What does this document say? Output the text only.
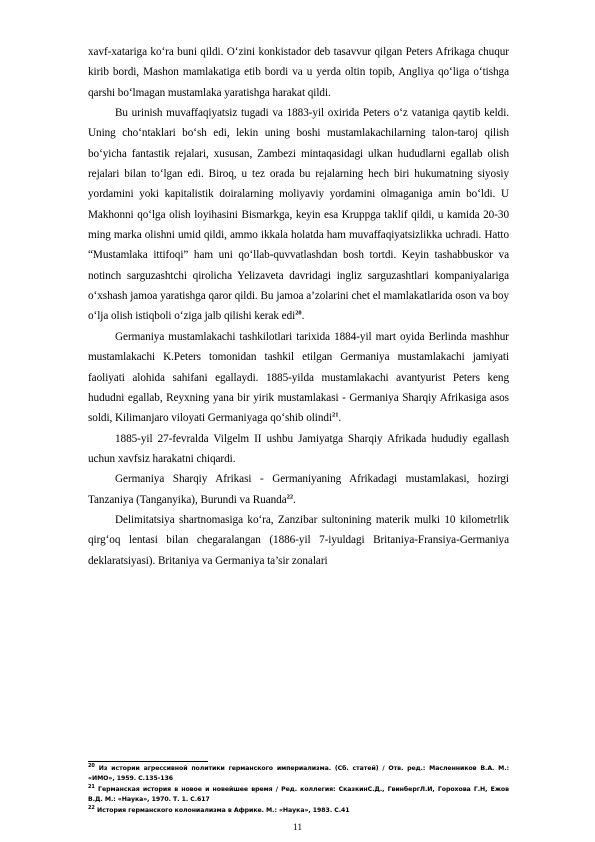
xavf-xatariga ko‘ra buni qildi. O‘zini konkistador deb tasavvur qilgan Peters Afrikaga chuqur kirib bordi, Mashon mamlakatiga etib bordi va u yerda oltin topib, Angliya qo‘liga o‘tishga qarshi bo‘lmagan mustamlaka yaratishga harakat qildi.

Bu urinish muvaffaqiyatsiz tugadi va 1883-yil oxirida Peters o‘z vataniga qaytib keldi. Uning cho‘ntaklari bo‘sh edi, lekin uning boshi mustamlakachilarning talon-taroj qilish bo‘yicha fantastik rejalari, xususan, Zambezi mintaqasidagi ulkan hududlarni egallab olish rejalari bilan to‘lgan edi. Biroq, u tez orada bu rejalarning hech biri hukumatning siyosiy yordamini yoki kapitalistik doiralarning moliyaviy yordamini olmaganiga amin bo‘ldi. U Makhonni qo‘lga olish loyihasini Bismarkga, keyin esa Kruppga taklif qildi, u kamida 20-30 ming marka olishni umid qildi, ammo ikkala holatda ham muvaffaqiyatsizlikka uchradi. Hatto “Mustamlaka ittifoqi” ham uni qo‘llab-quvvatlashdan bosh tortdi. Keyin tashabbuskor va notinch sarguzashtchi qirolicha Yelizaveta davridagi ingliz sarguzashtlari kompaniyalariga o‘xshash jamoa yaratishga qaror qildi. Bu jamoa a’zolarini chet el mamlakatlarida oson va boy o‘lja olish istiqboli o‘ziga jalb qilishi kerak edi$^{20}$.

Germaniya mustamlakachi tashkilotlari tarixida 1884-yil mart oyida Berlinda mashhur mustamlakachi K.Peters tomonidan tashkil etilgan Germaniya mustamlakachi jamiyati faoliyati alohida sahifani egallaydi. 1885-yilda mustamlakachi avantyurist Peters keng hududni egallab, Reyxning yana bir yirik mustamlakasi - Germaniya Sharqiy Afrikasiga asos soldi, Kilimanjaro viloyati Germaniyaga qo‘shib olindi$^{21}$.

1885-yil 27-fevralda Vilgelm II ushbu Jamiyatga Sharqiy Afrikada hududiy egallash uchun xavfsiz harakatni chiqardi.

Germaniya Sharqiy Afrikasi - Germaniyaning Afrikadagi mustamlakasi, hozirgi Tanzaniya (Tanganyika), Burundi va Ruanda$^{22}$.

Delimitatsiya shartnomasiga ko‘ra, Zanzibar sultonining materik mulki 10 kilometrlik qirg‘oq lentasi bilan chegaralangan (1886-yil 7-iyuldagi Britaniya-Fransiya-Germaniya deklaratsiyasi). Britaniya va Germaniya ta’sir zonalari

$^{20}$ Из истории агрессивной политики германского империализма. (Сб. статей) / Отв. ред.: Масленников В.А. М.: «ИМО», 1959. С.135-136

$^{21}$ Германская история в новое и новейшее время / Ред. коллегия: СказкинС.Д., ГвинбергЛ.И, Горохова Г.Н, Ежов В.Д. М.: «Наука», 1970. Т. 1. С.617

$^{22}$ История германского колониализма в Африке. М.: «Наука», 1983. С.41

11
